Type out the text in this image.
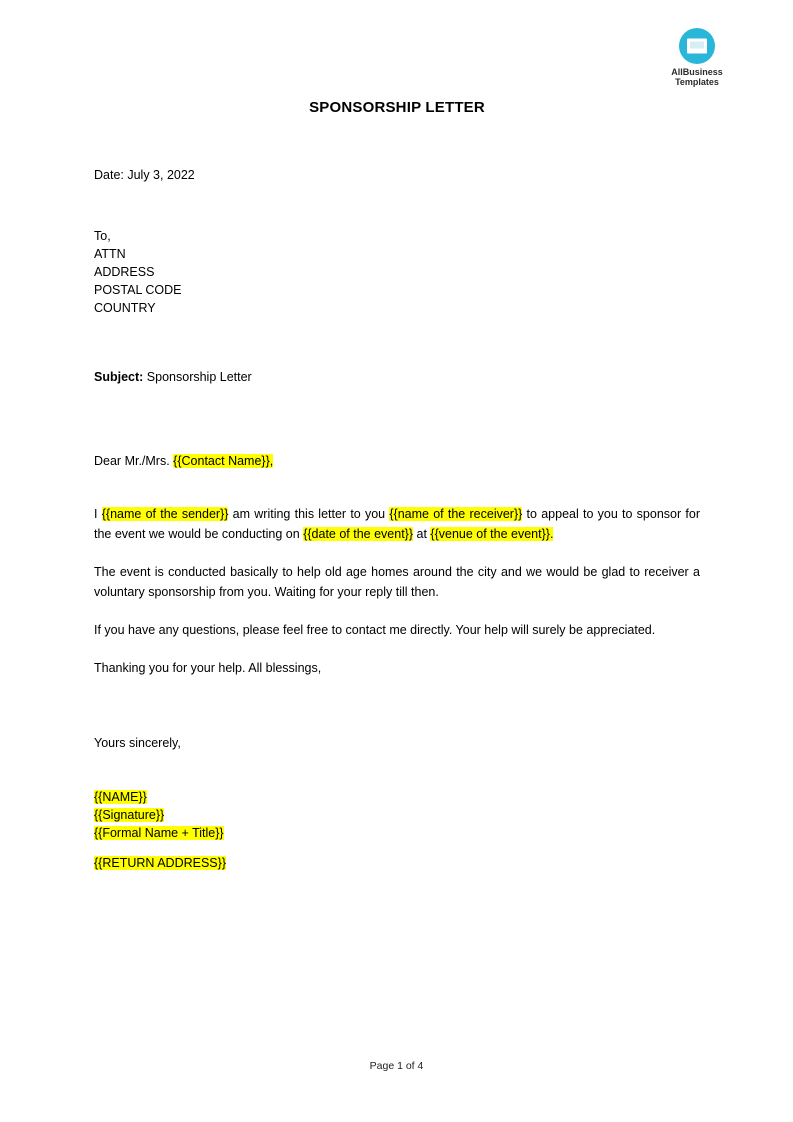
AllBusiness
Templates
SPONSORSHIP LETTER
Date: July 3, 2022
To,
ATTN
ADDRESS
POSTAL CODE
COUNTRY
Subject: Sponsorship Letter
Dear Mr./Mrs. {{Contact Name}},
I {{name of the sender}} am writing this letter to you {{name of the receiver}} to appeal to you to sponsor for the event we would be conducting on {{date of the event}} at {{venue of the event}}.
The event is conducted basically to help old age homes around the city and we would be glad to receiver a voluntary sponsorship from you. Waiting for your reply till then.
If you have any questions, please feel free to contact me directly. Your help will surely be appreciated.
Thanking you for your help. All blessings,
Yours sincerely,
{{NAME}}
{{Signature}}
{{Formal Name + Title}}
{{RETURN ADDRESS}}
Page 1 of 4
